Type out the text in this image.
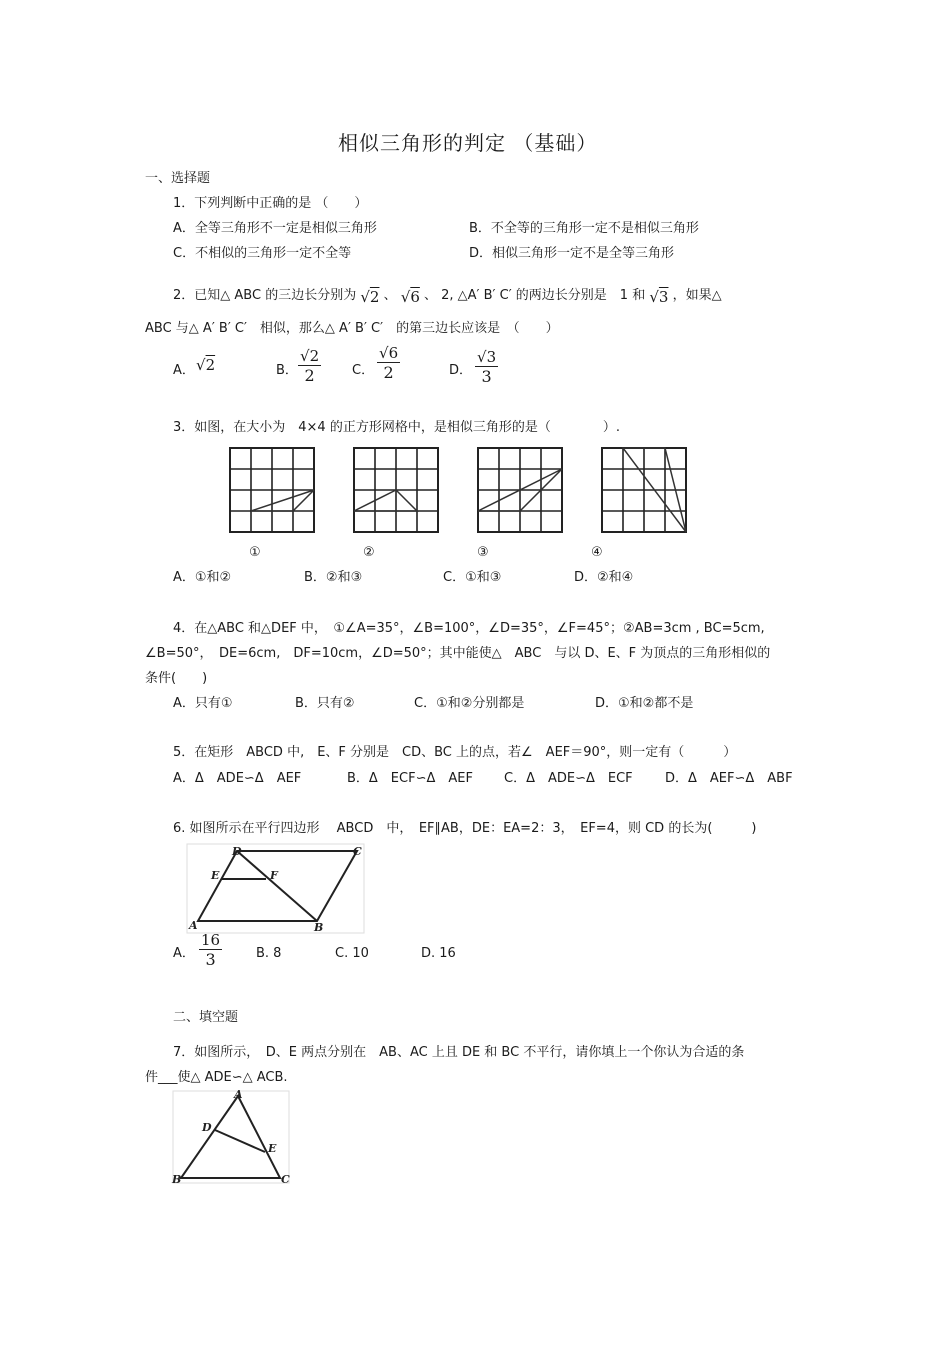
相似三角形的判定 （基础）
一、选择题
1．下列判断中正确的是 （　　）
A．全等三角形不一定是相似三角形	B．不全等的三角形一定不是相似三角形
C．不相似的三角形一定不全等	D．相似三角形一定不是全等三角形
2．已知△ ABC 的三边长分别为 √2 、 √6 、 2, △A′ B′ C′ 的两边长分别是　1 和 √3 ，如果△
ABC 与△ A′ B′ C′　相似，那么△ A′ B′ C′　的第三边长应该是　（　　）
A． √2	B． $\frac{√2}{2}$ C． $\frac{√6}{2}$	D． $\frac{√3}{3}$
3．如图，在大小为　4×4 的正方形网格中，是相似三角形的是（　　　　）.
①	②	③	④
A．①和②	B．②和③	C．①和③	D．②和④
4．在△ABC 和△DEF 中，　①∠A=35°，∠B=100°，∠D=35°，∠F=45°；②AB=3cm , BC=5cm,
∠B=50°，　DE=6cm,　DF=10cm，∠D=50°；其中能使△　ABC　与以 D、E、F 为顶点的三角形相似的
条件(　　)
A．只有①	B．只有②	C．①和②分别都是	D．①和②都不是
5．在矩形　ABCD 中,　E、F 分别是　CD、BC 上的点，若∠　AEF＝90°，则一定有（　　　）
A．Δ　ADE∽Δ　AEF	B．Δ　ECF∽Δ　AEF C．Δ　ADE∽Δ　ECF D．Δ　AEF∽Δ　ABF
6. 如图所示在平行四边形　 ABCD　中，　EF∥AB，DE：EA=2：3，　EF=4，则 CD 的长为(　　　)
D	C
E	F
A	B
A． $\frac{16}{3}$	B. 8	C. 10	D. 16
二、填空题
7．如图所示，　D、E 两点分别在　AB、AC 上且 DE 和 BC 不平行，请你填上一个你认为合适的条
件___使△ ADE∽△ ACB.
A
D
E
B	C
